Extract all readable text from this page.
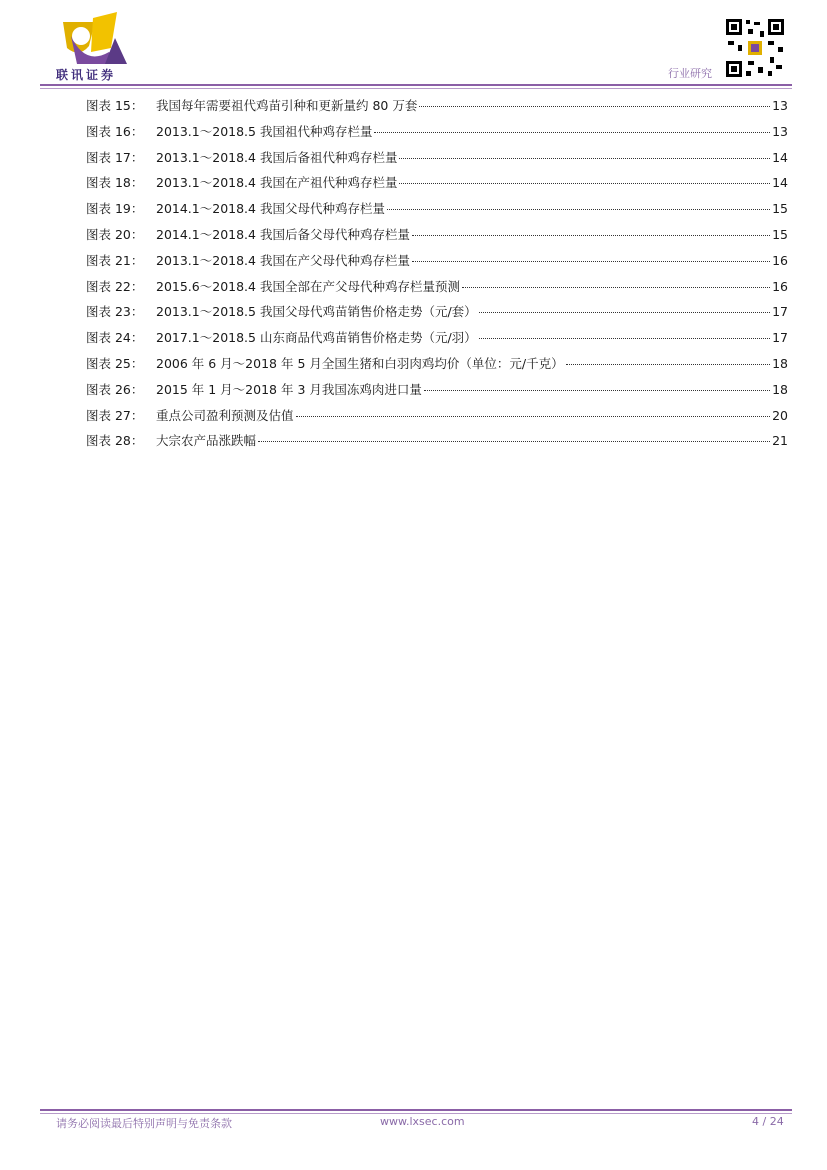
联讯证券	行业研究
图表 15：	我国每年需要祖代鸡苗引种和更新量约 80 万套	13
图表 16：	2013.1～2018.5 我国祖代种鸡存栏量	13
图表 17：	2013.1～2018.4 我国后备祖代种鸡存栏量	14
图表 18：	2013.1～2018.4 我国在产祖代种鸡存栏量	14
图表 19：	2014.1～2018.4 我国父母代种鸡存栏量	15
图表 20：	2014.1～2018.4 我国后备父母代种鸡存栏量	15
图表 21：	2013.1～2018.4 我国在产父母代种鸡存栏量	16
图表 22：	2015.6～2018.4 我国全部在产父母代种鸡存栏量预测	16
图表 23：	2013.1～2018.5 我国父母代鸡苗销售价格走势（元/套）	17
图表 24：	2017.1～2018.5 山东商品代鸡苗销售价格走势（元/羽）	17
图表 25：	2006 年 6 月～2018 年 5 月全国生猪和白羽肉鸡均价（单位：元/千克）	18
图表 26：	2015 年 1 月～2018 年 3 月我国冻鸡肉进口量	18
图表 27：	重点公司盈利预测及估值	20
图表 28：	大宗农产品涨跌幅	21
请务必阅读最后特别声明与免责条款	www.lxsec.com	4 / 24
